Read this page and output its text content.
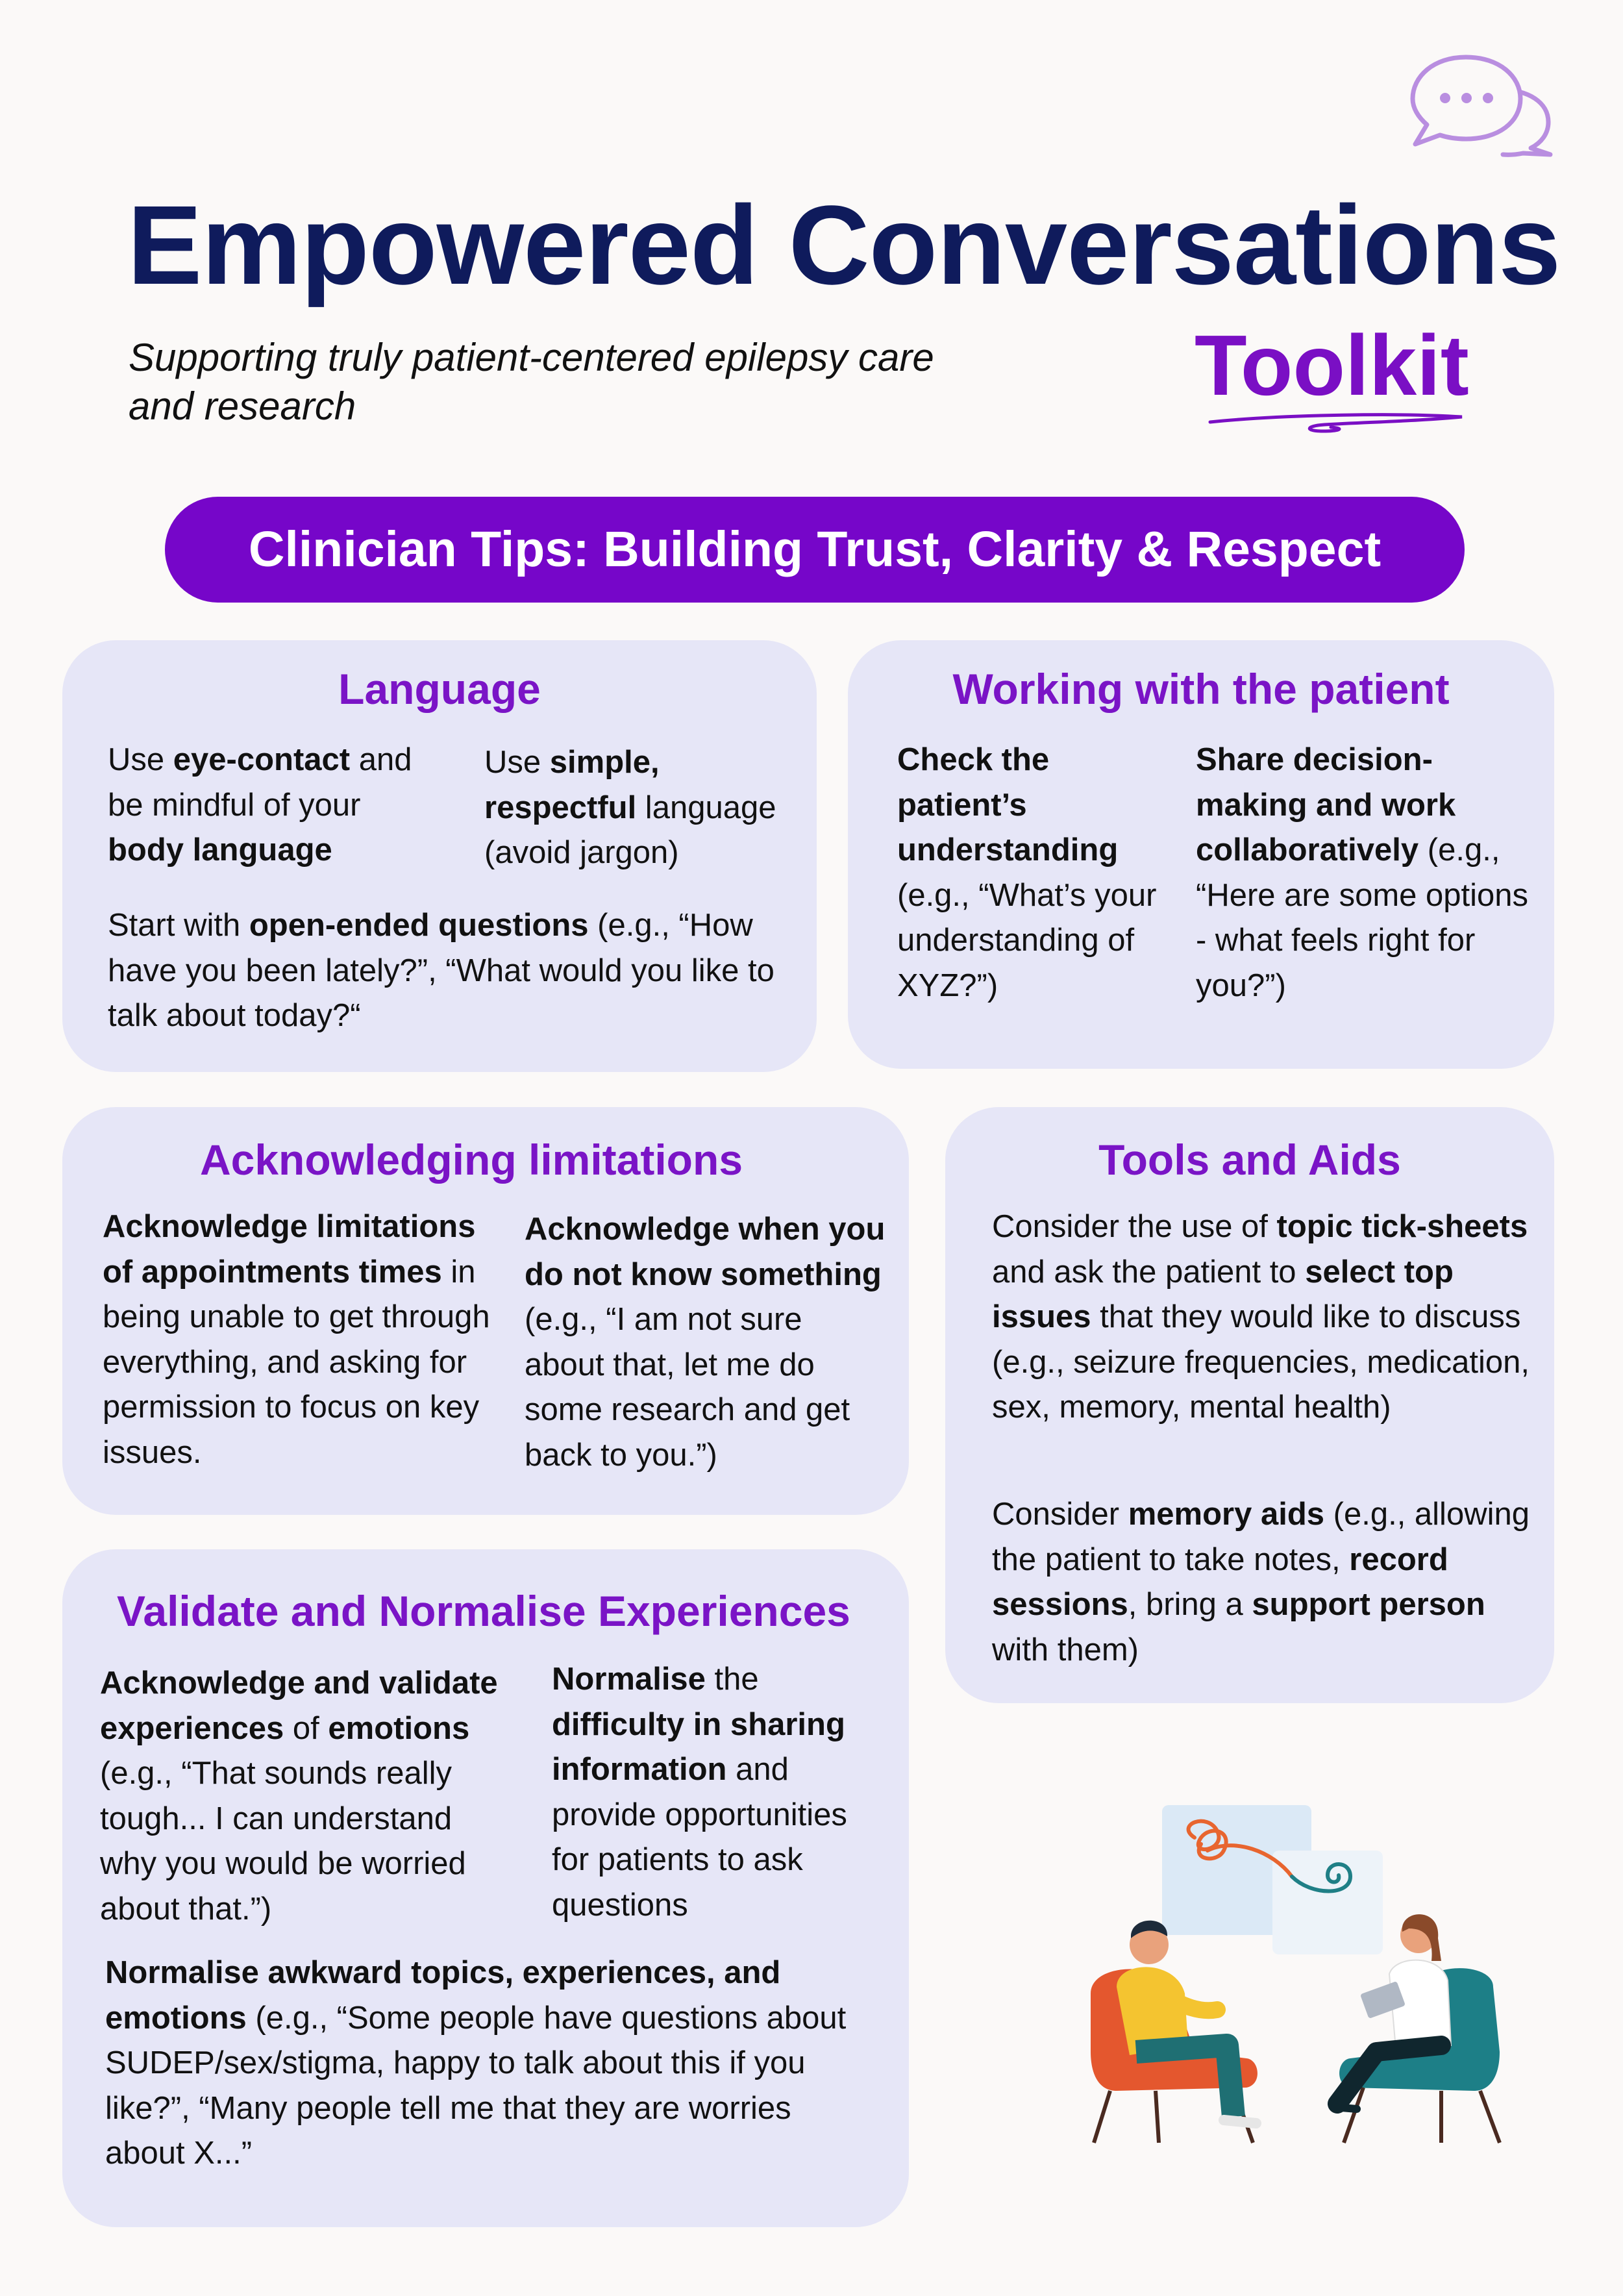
Empowered Conversations
Supporting truly patient-centered epilepsy care and research	Toolkit
Clinician Tips: Building Trust, Clarity & Respect
Language
Use eye-contact and be mindful of your body language
Use simple, respectful language (avoid jargon)
Start with open-ended questions (e.g., “How have you been lately?”, “What would you like to talk about today?“
Working with the patient
Check the patient’s understanding (e.g., “What’s your understanding of XYZ?”)
Share decision-making and work collaboratively (e.g., “Here are some options - what feels right for you?”)
Acknowledging limitations
Acknowledge limitations of appointments times in being unable to get through everything, and asking for permission to focus on key issues.
Acknowledge when you do not know something (e.g., “I am not sure about that, let me do some research and get back to you.”)
Tools and Aids
Consider the use of topic tick-sheets and ask the patient to select top issues that they would like to discuss (e.g., seizure frequencies, medication, sex, memory, mental health)
Consider memory aids (e.g., allowing the patient to take notes, record sessions, bring a support person with them)
Validate and Normalise Experiences
Acknowledge and validate experiences of emotions (e.g., “That sounds really tough... I can understand why you would be worried about that.”)
Normalise the difficulty in sharing information and provide opportunities for patients to ask questions
Normalise awkward topics, experiences, and emotions (e.g., “Some people have questions about SUDEP/sex/stigma, happy to talk about this if you like?”, “Many people tell me that they are worries about X...”
